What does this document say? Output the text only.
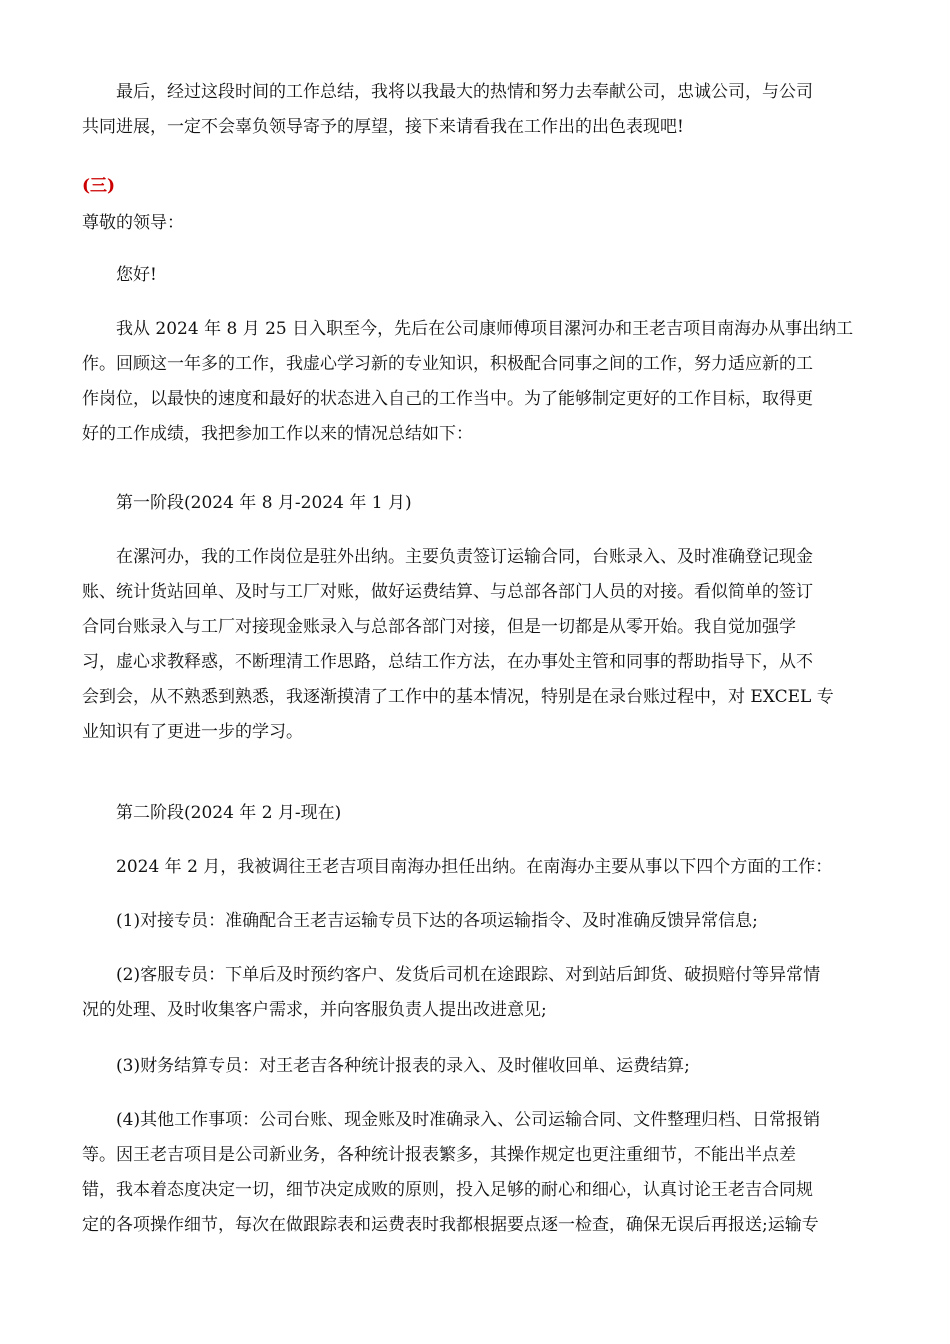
最后，经过这段时间的工作总结，我将以我最大的热情和努力去奉献公司，忠诚公司，与公司
共同进展，一定不会辜负领导寄予的厚望，接下来请看我在工作出的出色表现吧!

(三)

尊敬的领导：

您好!

我从 2024 年 8 月 25 日入职至今，先后在公司康师傅项目漯河办和王老吉项目南海办从事出纳工
作。回顾这一年多的工作，我虚心学习新的专业知识，积极配合同事之间的工作，努力适应新的工
作岗位，以最快的速度和最好的状态进入自己的工作当中。为了能够制定更好的工作目标，取得更
好的工作成绩，我把参加工作以来的情况总结如下：

第一阶段(2024 年 8 月-2024 年 1 月)

在漯河办，我的工作岗位是驻外出纳。主要负责签订运输合同，台账录入、及时准确登记现金
账、统计货站回单、及时与工厂对账，做好运费结算、与总部各部门人员的对接。看似简单的签订
合同台账录入与工厂对接现金账录入与总部各部门对接，但是一切都是从零开始。我自觉加强学
习，虚心求教释惑，不断理清工作思路，总结工作方法，在办事处主管和同事的帮助指导下，从不
会到会，从不熟悉到熟悉，我逐渐摸清了工作中的基本情况，特别是在录台账过程中，对 EXCEL 专
业知识有了更进一步的学习。

第二阶段(2024 年 2 月-现在)

2024 年 2 月，我被调往王老吉项目南海办担任出纳。在南海办主要从事以下四个方面的工作：

(1)对接专员：准确配合王老吉运输专员下达的各项运输指令、及时准确反馈异常信息;

(2)客服专员：下单后及时预约客户、发货后司机在途跟踪、对到站后卸货、破损赔付等异常情
况的处理、及时收集客户需求，并向客服负责人提出改进意见;

(3)财务结算专员：对王老吉各种统计报表的录入、及时催收回单、运费结算;

(4)其他工作事项：公司台账、现金账及时准确录入、公司运输合同、文件整理归档、日常报销
等。因王老吉项目是公司新业务，各种统计报表繁多，其操作规定也更注重细节，不能出半点差
错，我本着态度决定一切，细节决定成败的原则，投入足够的耐心和细心，认真讨论王老吉合同规
定的各项操作细节，每次在做跟踪表和运费表时我都根据要点逐一检查，确保无误后再报送;运输专
